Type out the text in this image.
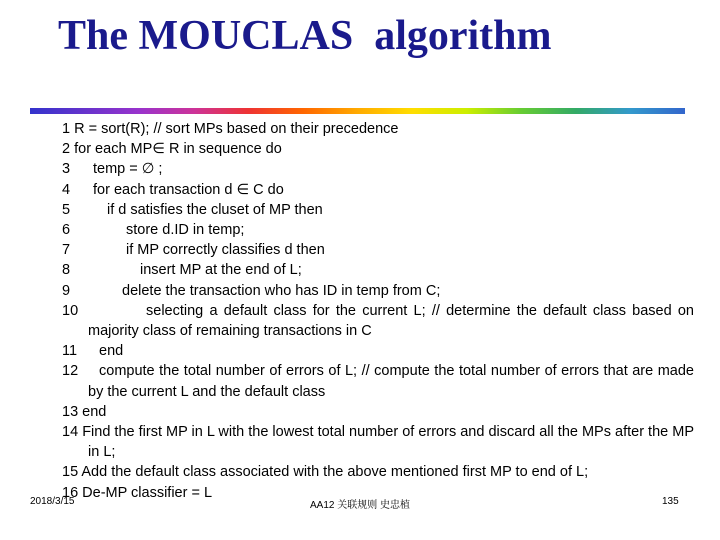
The MOUCLAS  algorithm
1 R = sort(R); // sort MPs based on their precedence
2 for each MP∈ R in sequence do
3 temp = ∅ ;
4 for each transaction d ∈ C do
5	if d satisfies the cluset of MP then
6	store d.ID in temp;
7	if MP correctly classifies d then
8	insert MP at the end of L;
9	delete the transaction who has ID in temp from C;
10	selecting a default class for the current L; // determine the default class based on majority class of remaining transactions in C
11 end
12 compute the total number of errors of L; // compute the total number of errors that are made by the current L and the default class
13 end
14 Find the first MP in L with the lowest total number of errors and discard all the MPs after the MP in L;
15 Add the default class associated with the above mentioned first MP to end of L;
16 De-MP classifier = L
2018/3/15	AA12 关联规则 史忠植	135
